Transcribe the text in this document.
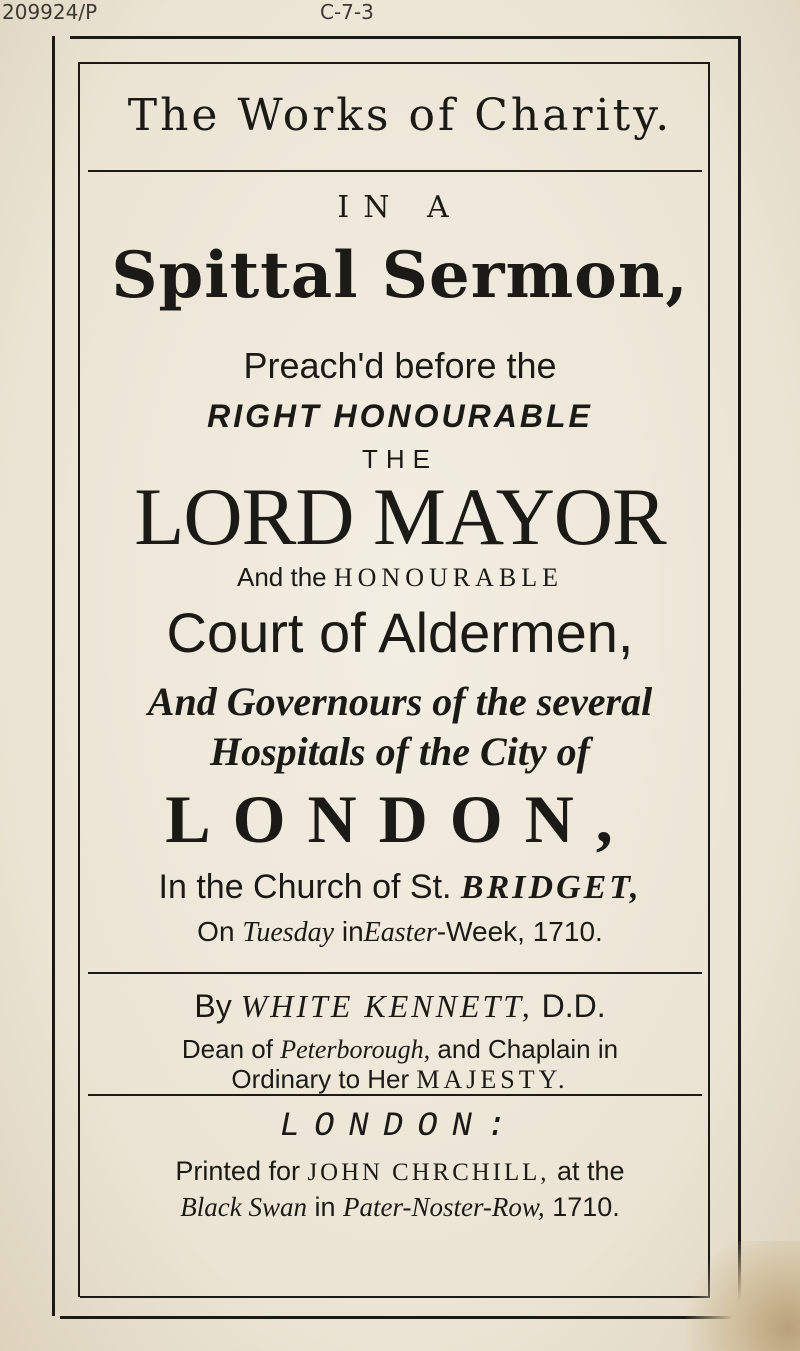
209924/P	C-7-3
The Works of Charity.
IN A
Spittal Sermon,
Preach'd before the
RIGHT HONOURABLE
THE
LORD MAYOR
And the HONOURABLE
Court of Aldermen,
And Governours of the several
Hospitals of the City of
LONDON,
In the Church of St. BRIDGET,
On Tuesday inEaster-Week, 1710.
By WHITE KENNETT, D.D.
Dean of Peterborough, and Chaplain in
Ordinary to Her MAJESTY.
LONDON:
Printed for JOHN CHRCHILL, at the
Black Swan in Pater-Noster-Row, 1710.
